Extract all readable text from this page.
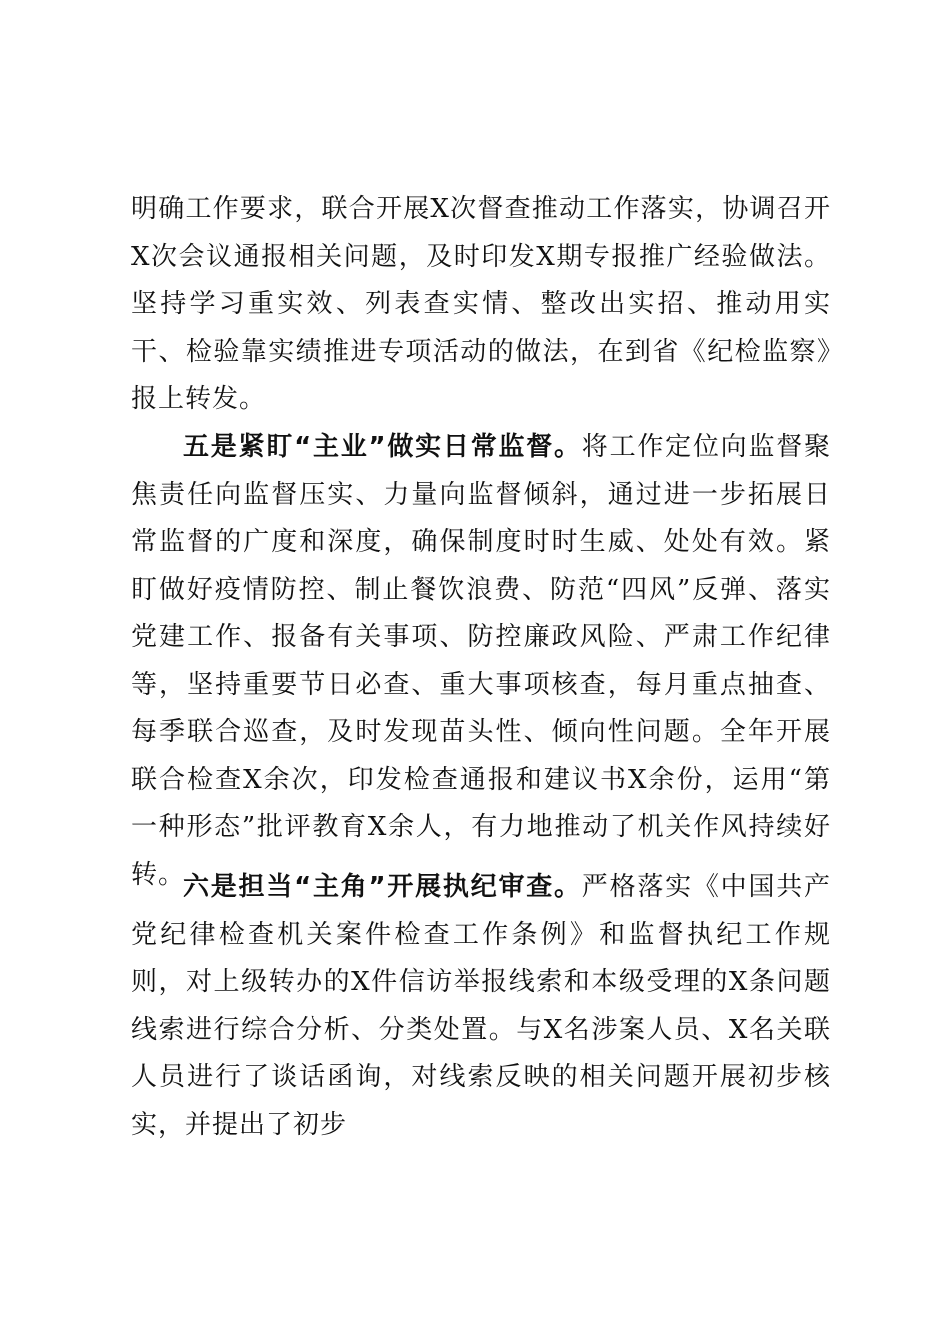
明确工作要求，联合开展X次督查推动工作落实，协调召开X次会议通报相关问题，及时印发X期专报推广经验做法。坚持学习重实效、列表查实情、整改出实招、推动用实干、检验靠实绩推进专项活动的做法，在到省《纪检监察》报上转发。

五是紧盯“主业”做实日常监督。将工作定位向监督聚焦责任向监督压实、力量向监督倾斜，通过进一步拓展日常监督的广度和深度，确保制度时时生威、处处有效。紧盯做好疫情防控、制止餐饮浪费、防范“四风”反弹、落实党建工作、报备有关事项、防控廉政风险、严肃工作纪律等，坚持重要节日必查、重大事项核查，每月重点抽查、每季联合巡查，及时发现苗头性、倾向性问题。全年开展联合检查X余次，印发检查通报和建议书X余份，运用“第一种形态”批评教育X余人，有力地推动了机关作风持续好转。

六是担当“主角”开展执纪审查。严格落实《中国共产党纪律检查机关案件检查工作条例》和监督执纪工作规则，对上级转办的X件信访举报线索和本级受理的X条问题线索进行综合分析、分类处置。与X名涉案人员、X名关联人员进行了谈话函询，对线索反映的相关问题开展初步核实，并提出了初步
